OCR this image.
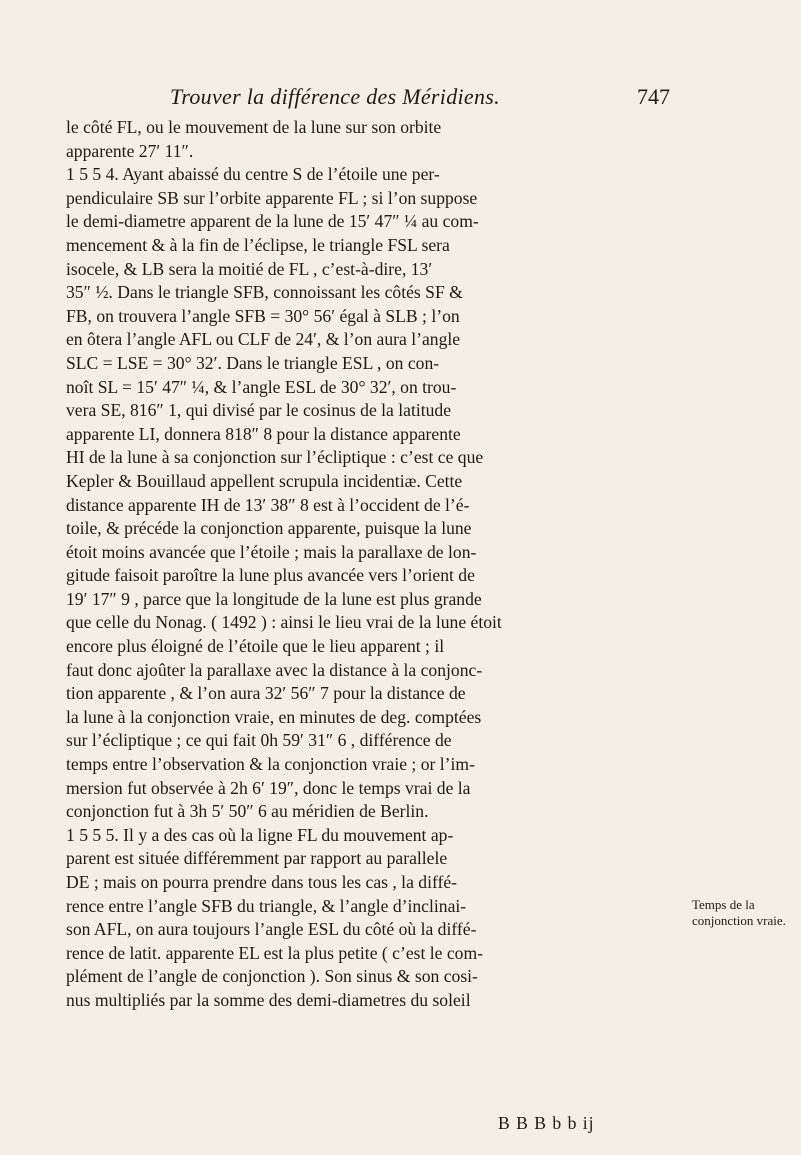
Trouver la différence des Méridiens.	747
le côté FL, ou le mouvement de la lune sur son orbite
apparente 27′ 11″.
1 5 5 4. Ayant abaissé du centre S de l’étoile une per-
pendiculaire SB sur l’orbite apparente FL ; si l’on suppose
le demi-diametre apparent de la lune de 15′ 47″ ¼ au com-
mencement & à la fin de l’éclipse, le triangle FSL sera
isocele, & LB sera la moitié de FL , c’est-à-dire, 13′
35″ ½. Dans le triangle SFB, connoissant les côtés SF &
FB, on trouvera l’angle SFB = 30° 56′ égal à SLB ; l’on
en ôtera l’angle AFL ou CLF de 24′, & l’on aura l’angle
SLC = LSE = 30° 32′. Dans le triangle ESL , on con-
noît SL = 15′ 47″ ¼, & l’angle ESL de 30° 32′, on trou-
vera SE, 816″ 1, qui divisé par le cosinus de la latitude
apparente LI, donnera 818″ 8 pour la distance apparente
HI de la lune à sa conjonction sur l’écliptique : c’est ce que
Kepler & Bouillaud appellent scrupula incidentiæ. Cette
distance apparente IH de 13′ 38″ 8 est à l’occident de l’é-
toile, & précéde la conjonction apparente, puisque la lune
étoit moins avancée que l’étoile ; mais la parallaxe de lon-
gitude faisoit paroître la lune plus avancée vers l’orient de
19′ 17″ 9 , parce que la longitude de la lune est plus grande
que celle du Nonag. ( 1492 ) : ainsi le lieu vrai de la lune étoit
encore plus éloigné de l’étoile que le lieu apparent ; il
faut donc ajoûter la parallaxe avec la distance à la conjonc-
tion apparente , & l’on aura 32′ 56″ 7 pour la distance de
la lune à la conjonction vraie, en minutes de deg. comptées
sur l’écliptique ; ce qui fait 0h 59′ 31″ 6 , différence de
temps entre l’observation & la conjonction vraie ; or l’im-
mersion fut observée à 2h 6′ 19″, donc le temps vrai de la
conjonction fut à 3h 5′ 50″ 6 au méridien de Berlin.
1 5 5 5. Il y a des cas où la ligne FL du mouvement ap-
parent est située différemment par rapport au parallele
DE ; mais on pourra prendre dans tous les cas , la diffé-
rence entre l’angle SFB du triangle, & l’angle d’inclinai-
son AFL, on aura toujours l’angle ESL du côté où la diffé-
rence de latit. apparente EL est la plus petite ( c’est le com-
plément de l’angle de conjonction ). Son sinus & son cosi-
nus multipliés par la somme des demi-diametres du soleil
Temps de la
conjonction vraie.
B B B b b ij
